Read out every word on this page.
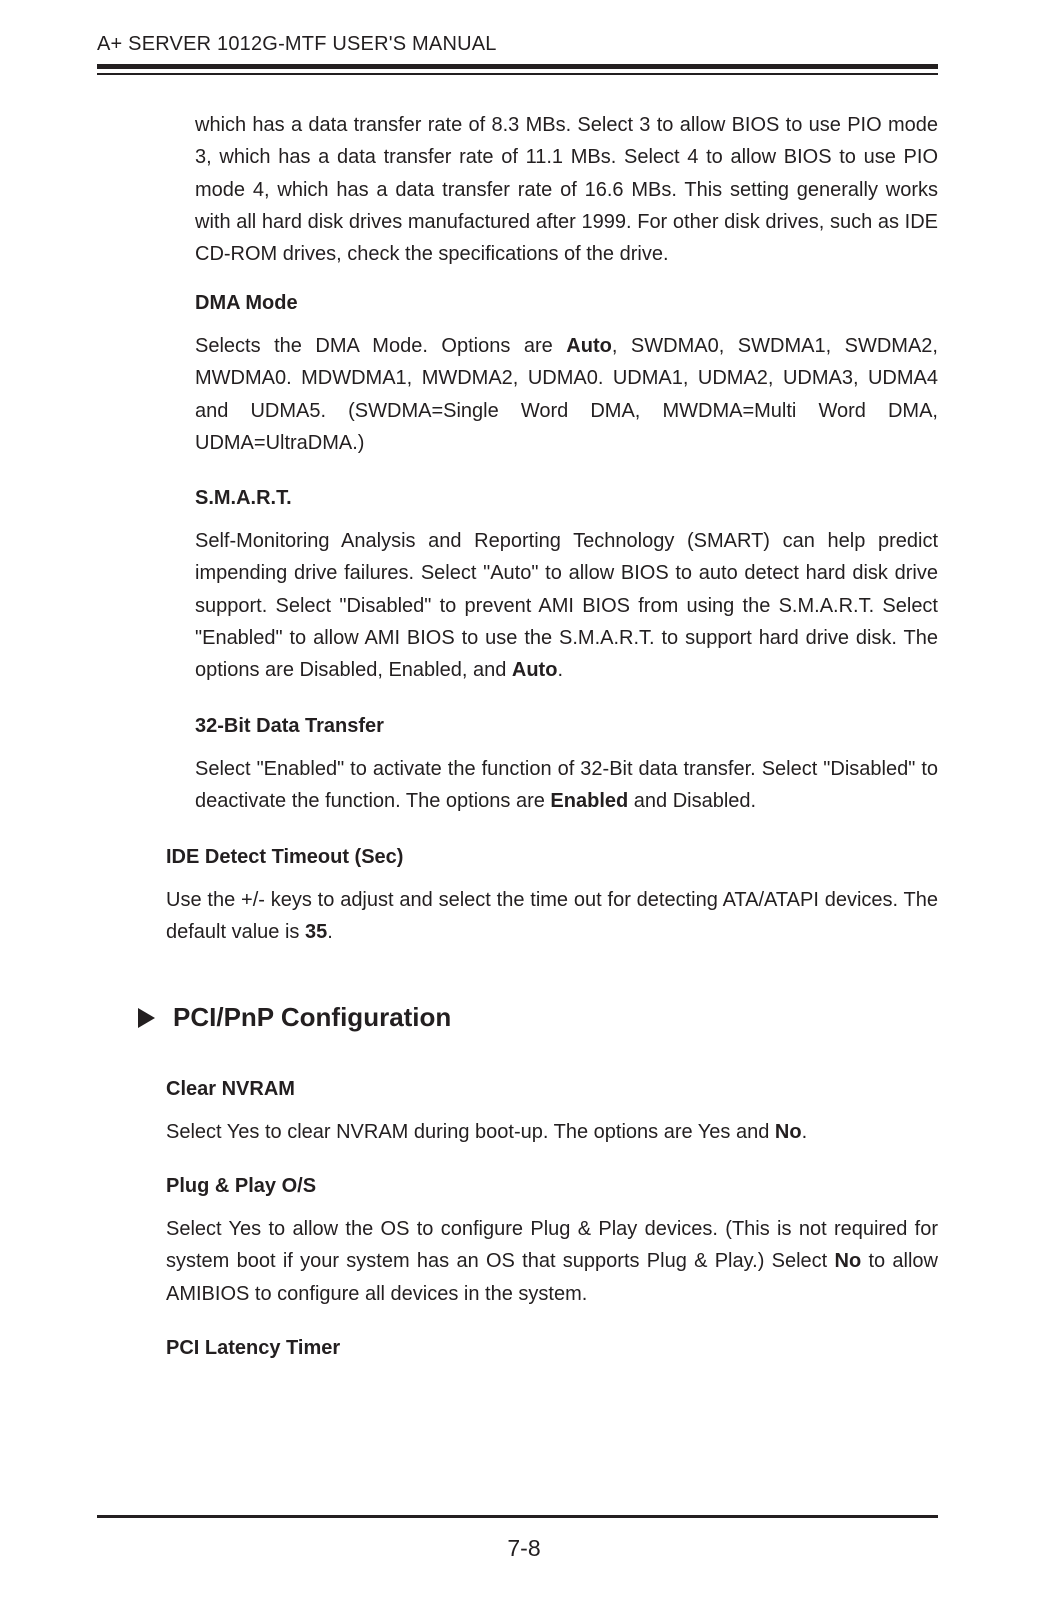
A+ SERVER 1012G-MTF USER'S MANUAL

which has a data transfer rate of 8.3 MBs. Select 3 to allow BIOS to use PIO mode 3, which has a data transfer rate of 11.1 MBs. Select 4 to allow BIOS to use PIO mode 4, which has a data transfer rate of 16.6 MBs. This setting generally works with all hard disk drives manufactured after 1999. For other disk drives, such as IDE CD-ROM drives, check the specifications of the drive.

DMA Mode

Selects the DMA Mode. Options are Auto, SWDMA0, SWDMA1, SWDMA2, MWDMA0. MDWDMA1, MWDMA2, UDMA0. UDMA1, UDMA2, UDMA3, UDMA4 and UDMA5. (SWDMA=Single Word DMA, MWDMA=Multi Word DMA, UDMA=UltraDMA.)

S.M.A.R.T.

Self-Monitoring Analysis and Reporting Technology (SMART) can help predict impending drive failures. Select "Auto" to allow BIOS to auto detect hard disk drive support. Select "Disabled" to prevent AMI BIOS from using the S.M.A.R.T. Select "Enabled" to allow AMI BIOS to use the S.M.A.R.T. to support hard drive disk. The options are Disabled, Enabled, and Auto.

32-Bit Data Transfer

Select "Enabled" to activate the function of 32-Bit data transfer. Select "Disabled" to deactivate the function. The options are Enabled and Disabled.

IDE Detect Timeout (Sec)

Use the +/- keys to adjust and select the time out for detecting ATA/ATAPI devices. The default value is 35.

PCI/PnP Configuration

Clear NVRAM

Select Yes to clear NVRAM during boot-up. The options are Yes and No.

Plug & Play O/S

Select Yes to allow the OS to configure Plug & Play devices. (This is not required for system boot if your system has an OS that supports Plug & Play.) Select No to allow AMIBIOS to configure all devices in the system.

PCI Latency Timer

7-8
